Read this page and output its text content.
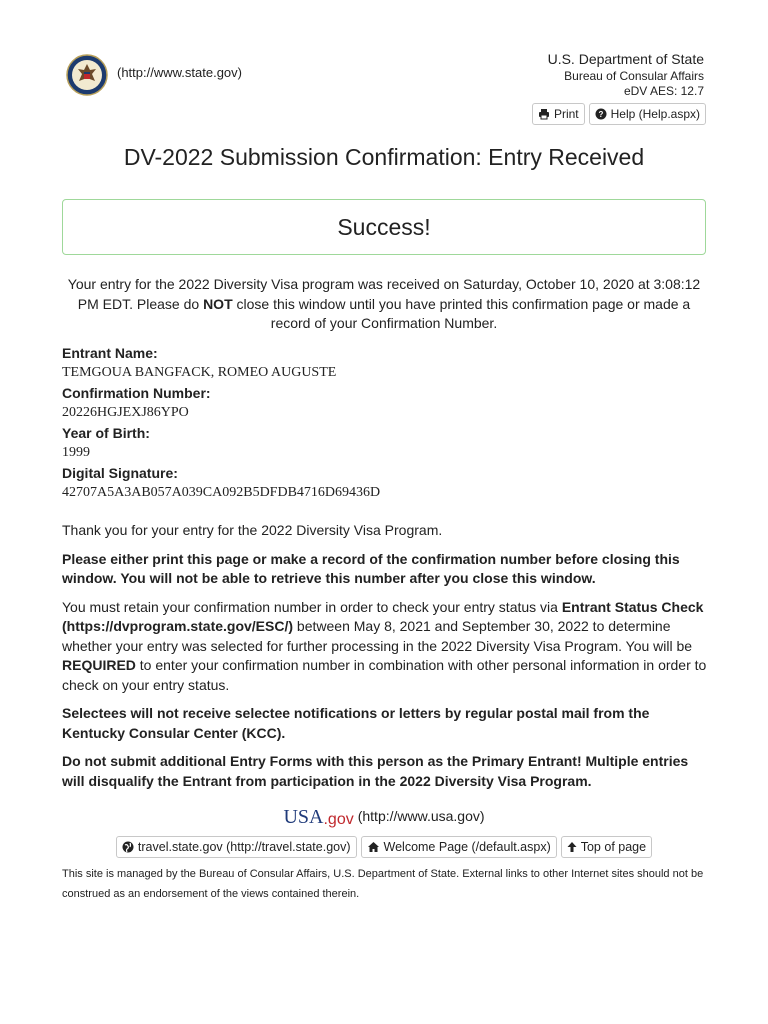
(http://www.state.gov)
U.S. Department of State
Bureau of Consular Affairs
eDV AES: 12.7
Print ? Help (Help.aspx)
DV-2022 Submission Confirmation: Entry Received
Success!
Your entry for the 2022 Diversity Visa program was received on Saturday, October 10, 2020 at 3:08:12 PM EDT. Please do NOT close this window until you have printed this confirmation page or made a record of your Confirmation Number.
Entrant Name:
TEMGOUA BANGFACK, ROMEO AUGUSTE
Confirmation Number:
20226HGJEXJ86YPO
Year of Birth:
1999
Digital Signature:
42707A5A3AB057A039CA092B5DFDB4716D69436D

Thank you for your entry for the 2022 Diversity Visa Program.

Please either print this page or make a record of the confirmation number before closing this window. You will not be able to retrieve this number after you close this window.

You must retain your confirmation number in order to check your entry status via Entrant Status Check (https://dvprogram.state.gov/ESC/) between May 8, 2021 and September 30, 2022 to determine whether your entry was selected for further processing in the 2022 Diversity Visa Program. You will be REQUIRED to enter your confirmation number in combination with other personal information in order to check on your entry status.

Selectees will not receive selectee notifications or letters by regular postal mail from the Kentucky Consular Center (KCC).

Do not submit additional Entry Forms with this person as the Primary Entrant! Multiple entries will disqualify the Entrant from participation in the 2022 Diversity Visa Program.

USA .gov (http://www.usa.gov)
travel.state.gov (http://travel.state.gov)	Welcome Page (/default.aspx) Top of page
This site is managed by the Bureau of Consular Affairs, U.S. Department of State. External links to other Internet sites should not be construed as an endorsement of the views contained therein.
